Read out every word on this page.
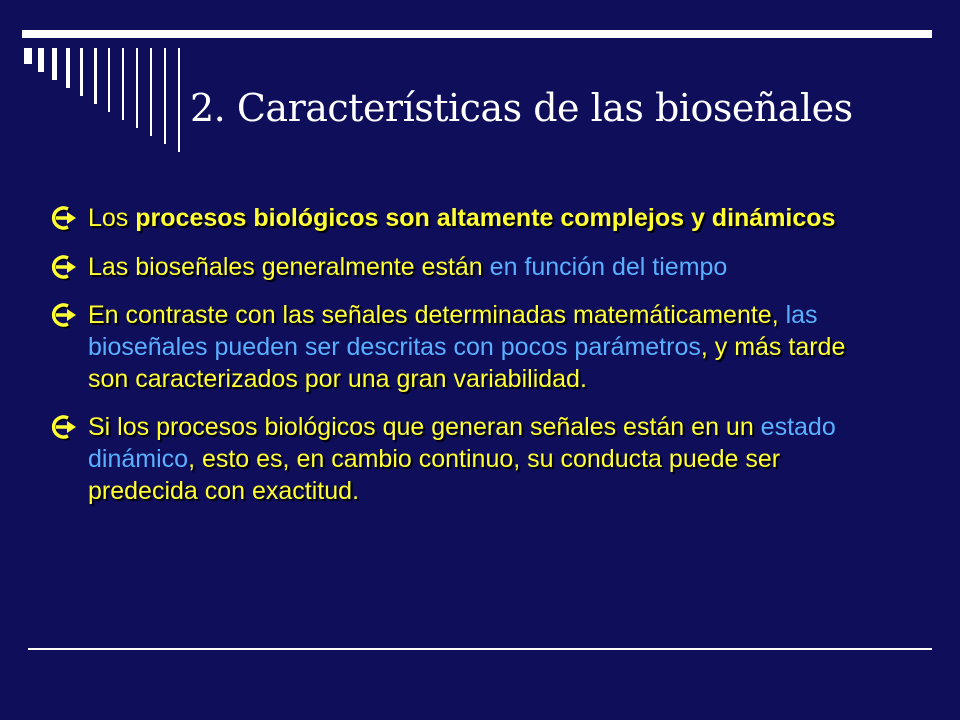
2. Características de las bioseñales
Los procesos biológicos son altamente complejos y dinámicos
Las bioseñales generalmente están en función del tiempo
En contraste con las señales determinadas matemáticamente, las bioseñales pueden ser descritas con pocos parámetros, y más tarde son caracterizados por una gran variabilidad.
Si los procesos biológicos que generan señales están en un estado dinámico, esto es, en cambio continuo, su conducta puede ser predecida con exactitud.
